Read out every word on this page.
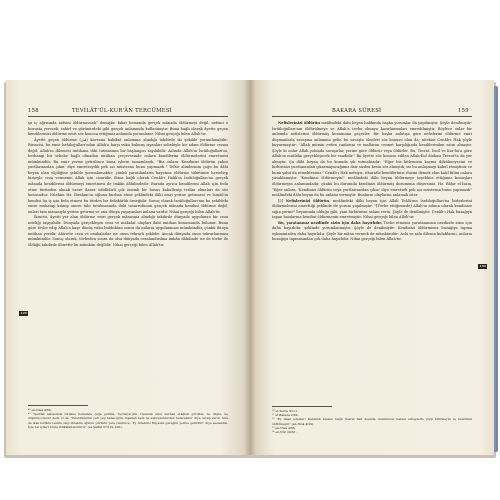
158	TEVİLÂT'ÜL-KUR'ÂN TERCÜMESİ

şu iç ağrısında nefsini öldürmezsek" demiştir. fakat hemenda gerçek mânada öldürmeyi değil, nefsini o hususta yerecek, zahirî ve görünürdeki gibi gerçek anlamında kullanmıştır. Buna bağlı olarak âyette geçen kendilerinizi öldürme emri söz konusu ettiğimiz anlamda yorumlanır. Nihai gerçeği bilen Allah'tır.

Âyette geçen öldürme (قتل) kavramı hakikat anlamına alındığı takdirde iki şekilde yorumlanabilir: Birincisi, bu emir İsrâiloğulları'ndan Allah'a karşı vuku bulmuş isyanları sebebiyle bir adam öldürme cezası değil, Allah'ın dilemesi imtihana tâbi tutmasının bir başlangıcı sayılabilir. Aslında Allah'ın İsrâiloğulları'nı, herhangi bir sebebe bağlı olmadan imtihan çerçevesinde onlara kendilerini öldürmelerini emretmesi mümkündür. Bu emir yerine getirilince buna işlerin tamamlandı. "Biz onlara 'Kendinizi öldürün yahut yurtlarınızdan çıkın' diye emretseydik pek azı müstesna bunu yapmazdı." Tefsir alimlerinin çoğu bu dâhi beyan olan elçiliğine şekilde yorumlamaktır; çünkü yaratılanların hayatına öldürme tüketimin hersebep birşeyle ceza vermenin Allah için cizaridir. Buna bağlı olarak Cenâb-ı Hakk'ın İsrâiloğulları'na gerçek mânada kendilerini öldürmeyi emretmesi de imkân dâhilindedir. Burada ayrıca kendilerini Allah için feda etme türünden olmak üzere daner ödüllidirli çok önemli bir husus kabullenip teslim olmaları da söz konusudur. Nitekim Hz. İbrahim'in oğlunu kurban etme şeklindeki ilâhi emri yerine getirmesi ve İsmâil'in kendisi bu iş için feda etmesi bu türden bir fedakârlık örneğidir. Sonuç olarak İsrâiloğulları'nın bu şekildeki emre muhatap kılınıp onuru tabi tutulmasında ilahi tasarrufunun gerçek mânada kendini öldürme değil, onları tam manasıyla yerine getirme ve onu dünya yaşayanları anlamı vardır. Nihai gerçeği bilen Allah'tır.

İkincisi, âyetti yer alan öldürme emri gerçek mânasına alındığı takdirde dünyada uygulanan bir ceza niteliği taşıyabilir. Dünyada gerçekleşen ceza ve makalat olayları ilahi imtihan konumunda bulunur. Buna göre tövbe edip Allah'a kaşe dönüş vuku bulduktan sonra da onların uygulanması mümkündür, çünkü dünya imtihan yeridir. Ahirette ceza ve emikalatlar ise onun tekrarlı şeklidir. Ancak dünyada onun tekrarlanması mümkündür. Sonuç olarak, tövbeden sonra da olsa dünyada cezalandırılma imkân dâhilinde ise de tövbe ile öldüğü takdirde âhirette bu mümkün değildir. Nihai gerçeği bilen Allah'tır.

129

⁴⁸ en-Nisâ 4/66.

⁴⁹ "Şeddâl babasında birisine hemende çağa geldim, Tevratya'yim, riyamda uzun kurban etilğimi gördüm; bu düşte, ne düşünüyorsun? dedi. O da, 'Yetetdiklerini yeri yap babacığım, inşallah beni ne sabredenlerden bulacaksın' diye cevap verdi. Sıra de ikisi birlikte teslim olup İbrahim oğlunu yüzüstü yere yatırınca, 'Ey İbrahim! Rüyanın gereğini yerine getirdin!' diye seslendik. İşte biz iyileri böyle mükâfatlandırırız" (es-Sâffât 37/102-106).

BAKARA SÜRESİ	159

Nefislerinizi öldürün meâlindeki dahi beyan hakkında başka yorumlar da yapılmıştır. Şöyle denilmiştir: İsrâiloğulları'nın öldürülmeye ve Allah'a tevbe olmaya hazırlanmaları emredilmiştir. Böylece onlar bir anlamda nefislerini öldürmüş konumuna geçerler. Bir başka anlatışa göre nefislerini öldürme emri düşmanlarla savaşma anlamına gelir. bu savaşta ölenleri söz konusu olan da; nitekim Cenâb-ı Hak şöyle buyurmuştur: "Allah mümin erden canlarını ve mallarını cennet karşılığında kendilerinden satın almıştır. Şöyle ki onlar Allah yolunda savaşırlar, yerine göre öldürür veya öldürler. Bu, Tevrat, İncil ve Kur'ân'a göre Allah'ın mutlaka gerçekleşecek bir vaadidir." Bu âyette söz konusu edilen Allah-Kul âlakası Tevrat'ta da yer almıştır. Şu dâhi beyan da bu konuda şık tutmaktadır: "Eğer biz kitlemizin kaçma dökülmeyecini ve birbirinizi yurdunuzdan çıkarmayacağımız dair sizden kesin söz almıştık; siz bu anlaşmayı kabul etmiştiniz ve buna şahit da etmektesiniz." Cenâb-ı Hak nefsiyiz, itharatla kendilerinizi rhizmi demek olan katil fiilini onlara yasaklamıştır. "Kendinizi öldürmeyin!" meâlindeki dâhi beyan öldürmeye teşebbüs ettiğimiz konuşları öldürmeyin anlamındadır, çünkü bu durumda kendinizi öldürmüş durumuna düşersiniz. Hz. Bâkır el-İsam, "Eğer onlara, 'Kendinizi öldürün veya yurtlarınızdan çıkın' diye emretsek pek azı müstesna bunu yapmazdı" meâlindeki dâhi beyan da bu anlamı vermiştir. Bunların olaylarını anlamak ister.

[5] Nefislerinizi öldürün, meâlindeki dâhi beyan için Allah Teâlâ'nın İsrâiloğulları'na birbirlerini öldürmelerini emrettiği şeklinde de yorum yapılmıştır. "[Tövbe ettiğimizde] Allah'ın adının olarak kendinize sığın yerine" beyanında olduğu gibi, yani birbirinize selam verin. Şöyle de denilmiştir: Cenâb-ı Hak buzağıya tapan bazılarına kendini öldürmenin emretmiştir. Nihai gerçeği bilen Allah'tır.

Bu, yaratanınız nezdinde sizin için daha hayırlıdır. Tövbe etmeniz yaratanınızın nezdinde sizin için daha hayırlıdır, şeklinde yorumlanmıştır. Şöyle de denilmiştir: Kendinizi öldürmeniz buzağıya tapma eyleminizden daha hayırlıdır. Şöyle bir mâna vermek de mümkündür: Asla ve asla dilenin kulaklarını, onların buzağıya tapmasından çok daha hayırlıdır. Nihai gerçeği bilen Allah'tır.

130

⁵⁰ et-Tevbe 9/111.

⁵¹ el-Bakara 2/84.

⁵² "Ey iman edenler! Karanlık arasını bağlı ticaret hali dışında, mallarınızı haksız sebeplerle yiyip bitirmeyin ve kendinizi öldürmeyin" (en-Nisâ 4/29).

⁵³ en-Nisâ 4/66.

⁵⁴ en-Nûr 24/61.
